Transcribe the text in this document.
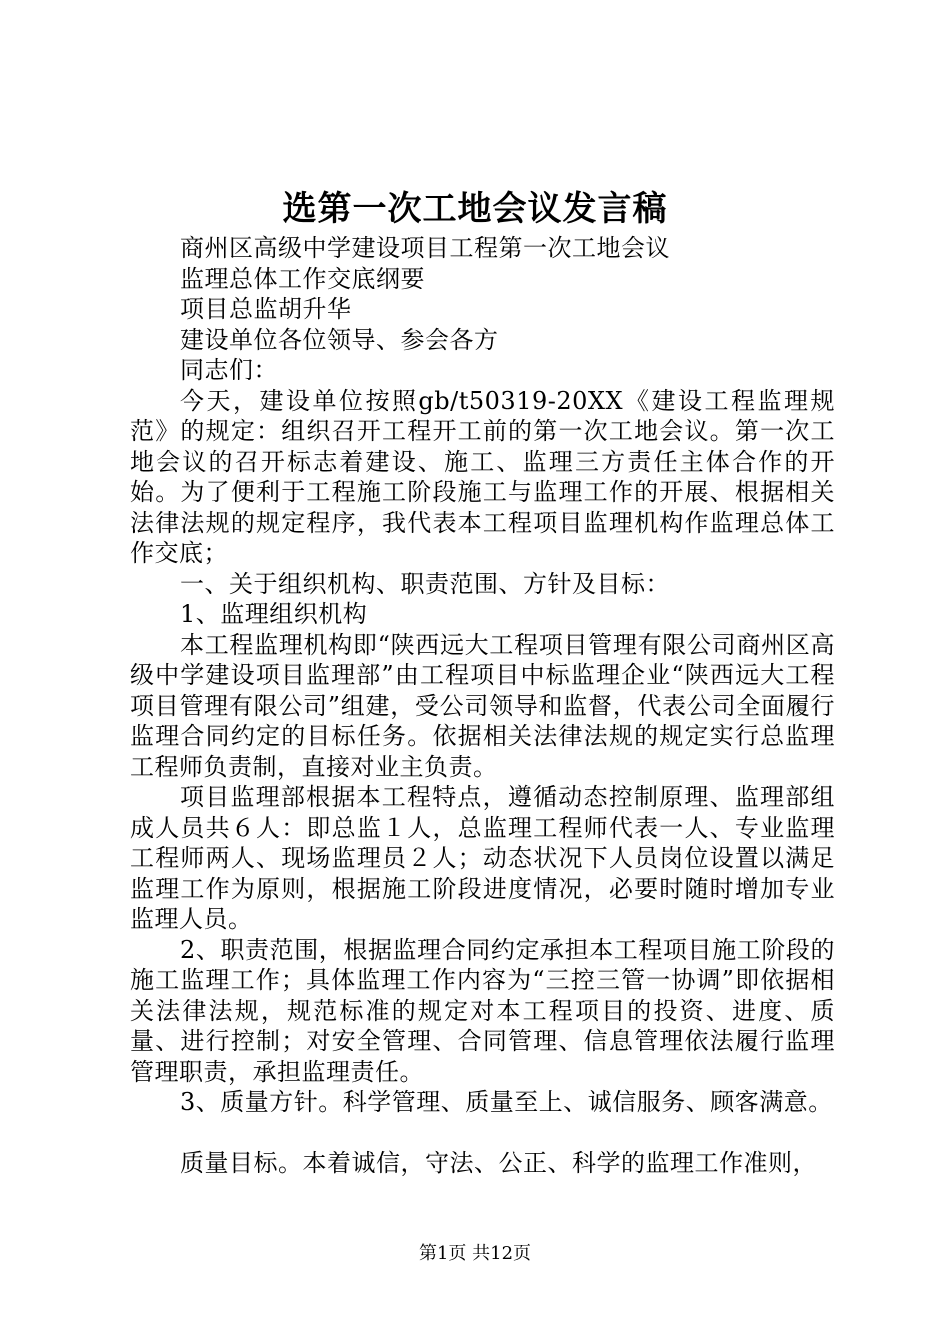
选第一次工地会议发言稿

商州区高级中学建设项目工程第一次工地会议

监理总体工作交底纲要

项目总监胡升华

建设单位各位领导、参会各方

同志们：

今天，建设单位按照gb/t50319-20XX《建设工程监理规范》的规定：组织召开工程开工前的第一次工地会议。第一次工地会议的召开标志着建设、施工、监理三方责任主体合作的开始。为了便利于工程施工阶段施工与监理工作的开展、根据相关法律法规的规定程序，我代表本工程项目监理机构作监理总体工作交底；

一、关于组织机构、职责范围、方针及目标：

1、监理组织机构

本工程监理机构即“陕西远大工程项目管理有限公司商州区高级中学建设项目监理部”由工程项目中标监理企业“陕西远大工程项目管理有限公司”组建，受公司领导和监督，代表公司全面履行监理合同约定的目标任务。依据相关法律法规的规定实行总监理工程师负责制，直接对业主负责。

项目监理部根据本工程特点，遵循动态控制原理、监理部组成人员共６人：即总监１人，总监理工程师代表一人、专业监理工程师两人、现场监理员２人；动态状况下人员岗位设置以满足监理工作为原则，根据施工阶段进度情况，必要时随时增加专业监理人员。

2、职责范围，根据监理合同约定承担本工程项目施工阶段的施工监理工作；具体监理工作内容为“三控三管一协调”即依据相关法律法规，规范标准的规定对本工程项目的投资、进度、质量、进行控制；对安全管理、合同管理、信息管理依法履行监理管理职责，承担监理责任。

3、质量方针。科学管理、质量至上、诚信服务、顾客满意。

质量目标。本着诚信，守法、公正、科学的监理工作准则，

第1页 共12页
